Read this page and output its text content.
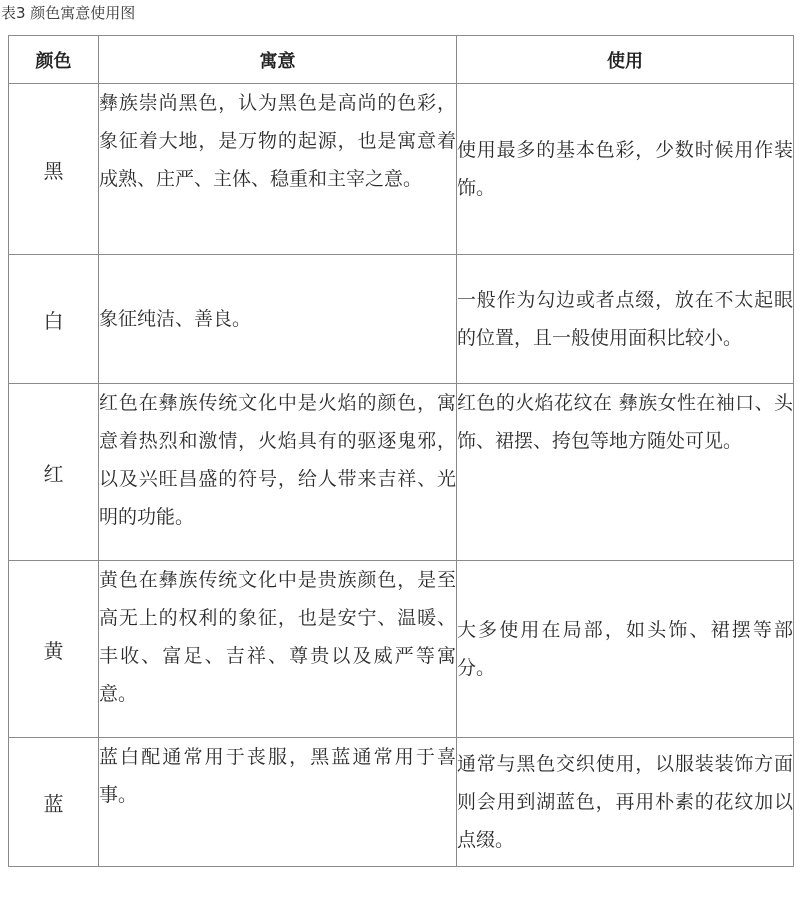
表3 颜色寓意使用图
颜色	寓意	使用
黑	彝族崇尚黑色，认为黑色是高尚的色彩，象征着大地，是万物的起源，也是寓意着成熟、庄严、主体、稳重和主宰之意。	使用最多的基本色彩，少数时候用作装饰。
白	象征纯洁、善良。	一般作为勾边或者点缀，放在不太起眼的位置，且一般使用面积比较小。
红	红色在彝族传统文化中是火焰的颜色，寓意着热烈和激情，火焰具有的驱逐鬼邪，以及兴旺昌盛的符号，给人带来吉祥、光明的功能。	红色的火焰花纹在 彝族女性在袖口、头饰、裙摆、挎包等地方随处可见。
黄	黄色在彝族传统文化中是贵族颜色，是至高无上的权利的象征，也是安宁、温暖、丰收、富足、吉祥、尊贵以及威严等寓意。	大多使用在局部，如头饰、裙摆等部分。
蓝	蓝白配通常用于丧服，黑蓝通常用于喜事。	通常与黑色交织使用，以服装装饰方面则会用到湖蓝色，再用朴素的花纹加以点缀。
